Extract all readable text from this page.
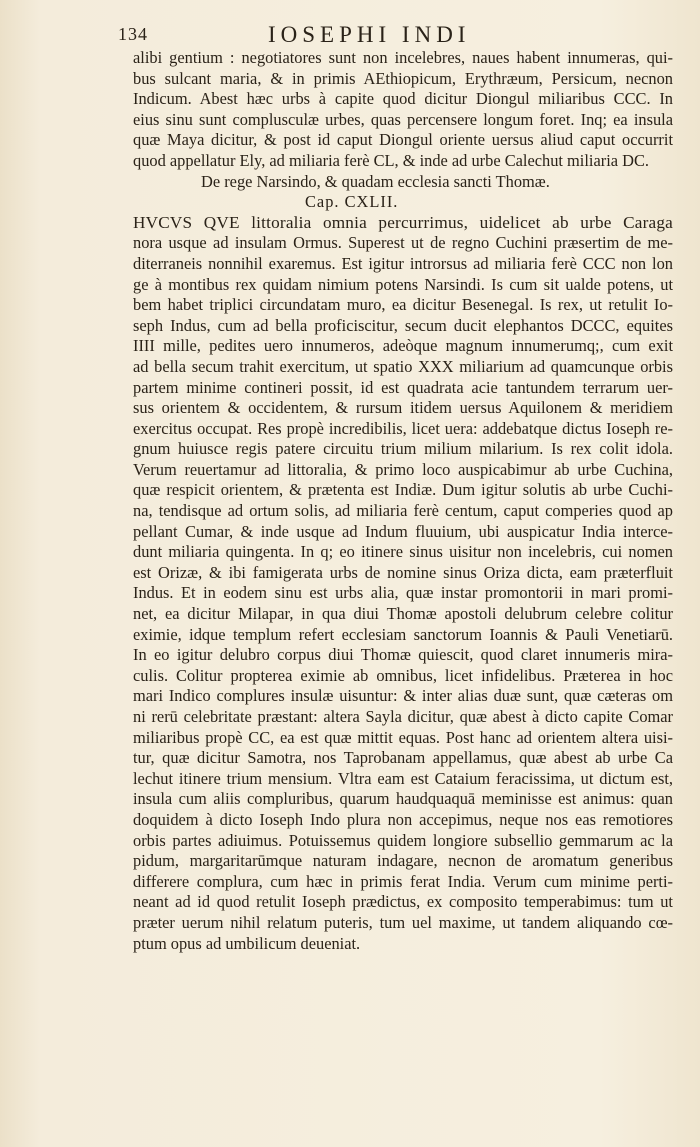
134	IOSEPHI INDI
alibi gentium : negotiatores sunt non incelebres, naues habent innumeras, qui-
bus sulcant maria, & in primis AEthiopicum, Erythræum, Persicum, necnon
Indicum. Abest hæc urbs à capite quod dicitur Diongul miliaribus CCC. In
eius sinu sunt complusculæ urbes, quas percensere longum foret. Inq; ea insula
quæ Maya dicitur, & post id caput Diongul oriente uersus aliud caput occurrit
quod appellatur Ely, ad miliaria ferè CL, & inde ad urbe Calechut miliaria DC.
De rege Narsindo, & quadam ecclesia sancti Thomæ.
Cap. CXLII.
HVCVS QVE littoralia omnia percurrimus, uidelicet ab urbe Caraga
nora usque ad insulam Ormus. Superest ut de regno Cuchini præsertim de me-
diterraneis nonnihil exaremus. Est igitur introrsus ad miliaria ferè CCC non lon
ge à montibus rex quidam nimium potens Narsindi. Is cum sit ualde potens, ut
bem habet triplici circundatam muro, ea dicitur Besenegal. Is rex, ut retulit Io-
seph Indus, cum ad bella proficiscitur, secum ducit elephantos DCCC, equites
IIII mille, pedites uero innumeros, adeòque magnum innumerumq;, cum exit
ad bella secum trahit exercitum, ut spatio XXX miliarium ad quamcunque orbis
partem minime contineri possit, id est quadrata acie tantundem terrarum uer-
sus orientem & occidentem, & rursum itidem uersus Aquilonem & meridiem
exercitus occupat. Res propè incredibilis, licet uera: addebatque dictus Ioseph re-
gnum huiusce regis patere circuitu trium milium milarium. Is rex colit idola.
Verum reuertamur ad littoralia, & primo loco auspicabimur ab urbe Cuchina,
quæ respicit orientem, & prætenta est Indiæ. Dum igitur solutis ab urbe Cuchi-
na, tendisque ad ortum solis, ad miliaria ferè centum, caput comperies quod ap
pellant Cumar, & inde usque ad Indum fluuium, ubi auspicatur India interce-
dunt miliaria quingenta. In q; eo itinere sinus uisitur non incelebris, cui nomen
est Orizæ, & ibi famigerata urbs de nomine sinus Oriza dicta, eam præterfluit
Indus. Et in eodem sinu est urbs alia, quæ instar promontorii in mari promi-
net, ea dicitur Milapar, in qua diui Thomæ apostoli delubrum celebre colitur
eximie, idque templum refert ecclesiam sanctorum Ioannis & Pauli Venetiarū.
In eo igitur delubro corpus diui Thomæ quiescit, quod claret innumeris mira-
culis. Colitur propterea eximie ab omnibus, licet infidelibus. Præterea in hoc
mari Indico complures insulæ uisuntur: & inter alias duæ sunt, quæ cæteras om
ni rerū celebritate præstant: altera Sayla dicitur, quæ abest à dicto capite Comar
miliaribus propè CC, ea est quæ mittit equas. Post hanc ad orientem altera uisi-
tur, quæ dicitur Samotra, nos Taprobanam appellamus, quæ abest ab urbe Ca
lechut itinere trium mensium. Vltra eam est Cataium feracissima, ut dictum est,
insula cum aliis compluribus, quarum haudquaquā meminisse est animus: quan
doquidem à dicto Ioseph Indo plura non accepimus, neque nos eas remotiores
orbis partes adiuimus. Potuissemus quidem longiore subsellio gemmarum ac la
pidum, margaritarūmque naturam indagare, necnon de aromatum generibus
differere complura, cum hæc in primis ferat India. Verum cum minime perti-
neant ad id quod retulit Ioseph prædictus, ex composito temperabimus: tum ut
præter uerum nihil relatum puteris, tum uel maxime, ut tandem aliquando cœ-
ptum opus ad umbilicum deueniat.
